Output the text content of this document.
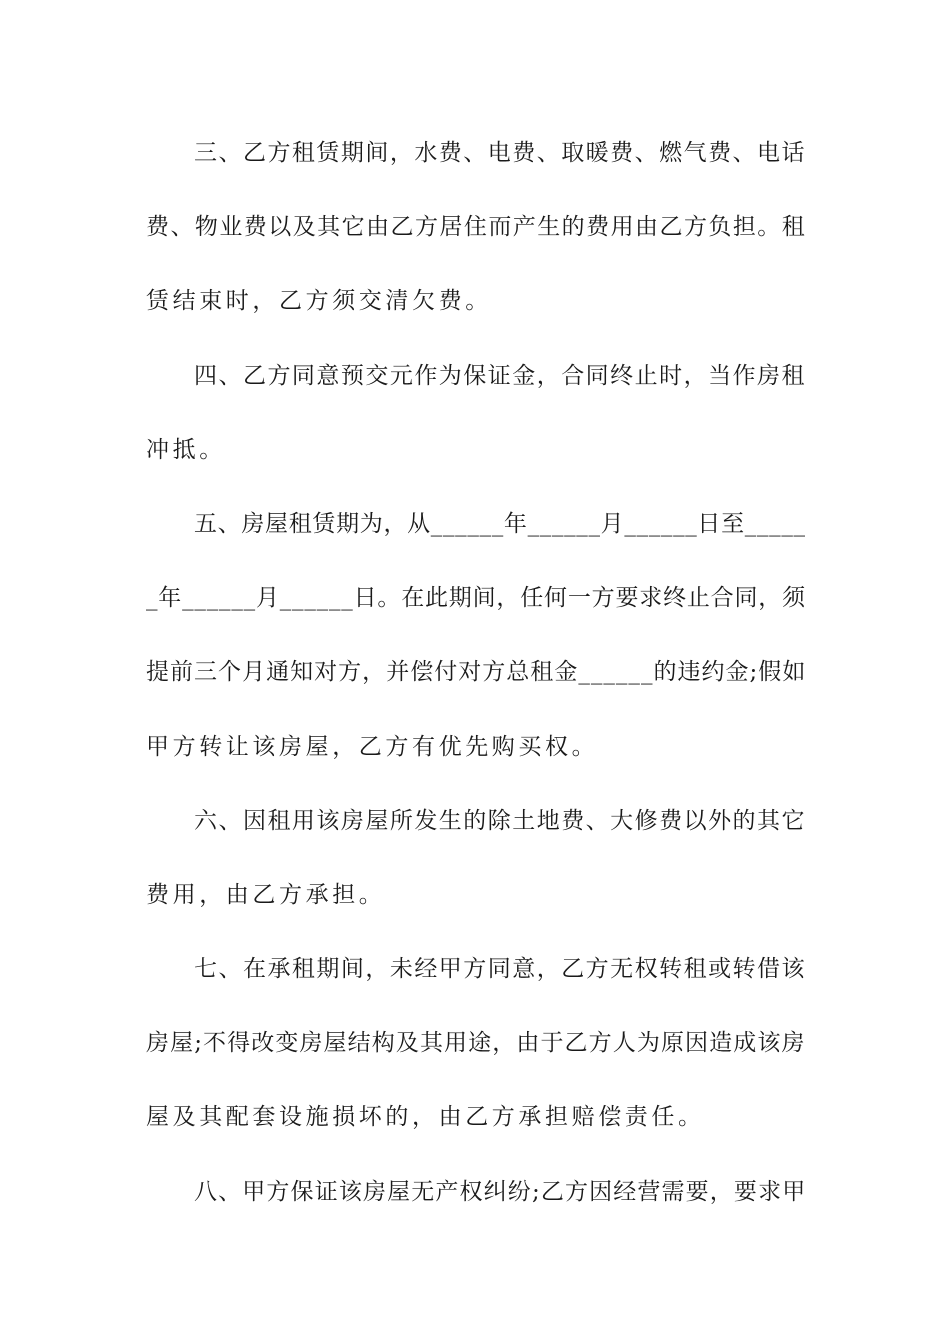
三、乙方租赁期间，水费、电费、取暖费、燃气费、电话
费、物业费以及其它由乙方居住而产生的费用由乙方负担。租
赁结束时，乙方须交清欠费。
四、乙方同意预交元作为保证金，合同终止时，当作房租
冲抵。
五、房屋租赁期为，从______年______月______日至_____
_年______月______日。在此期间，任何一方要求终止合同，须
提前三个月通知对方，并偿付对方总租金______的违约金;假如
甲方转让该房屋，乙方有优先购买权。
六、因租用该房屋所发生的除土地费、大修费以外的其它
费用，由乙方承担。
七、在承租期间，未经甲方同意，乙方无权转租或转借该
房屋;不得改变房屋结构及其用途，由于乙方人为原因造成该房
屋及其配套设施损坏的，由乙方承担赔偿责任。
八、甲方保证该房屋无产权纠纷;乙方因经营需要，要求甲
